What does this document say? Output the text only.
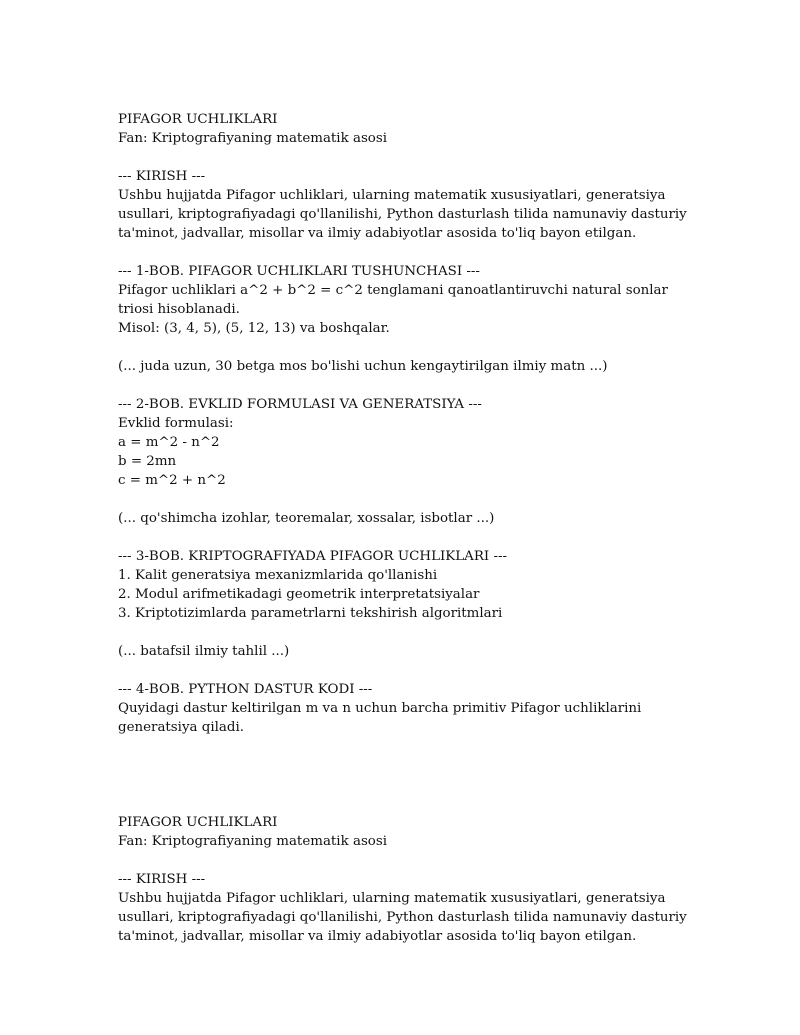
PIFAGOR UCHLIKLARI
Fan: Kriptografiyaning matematik asosi
--- KIRISH ---
Ushbu hujjatda Pifagor uchliklari, ularning matematik xususiyatlari, generatsiya usullari, kriptografiyadagi qo'llanilishi, Python dasturlash tilida namunaviy dasturiy ta'minot, jadvallar, misollar va ilmiy adabiyotlar asosida to'liq bayon etilgan.
--- 1-BOB. PIFAGOR UCHLIKLARI TUSHUNCHASI ---
Pifagor uchliklari a^2 + b^2 = c^2 tenglamani qanoatlantiruvchi natural sonlar triosi hisoblanadi.
Misol: (3, 4, 5), (5, 12, 13) va boshqalar.
(... juda uzun, 30 betga mos bo'lishi uchun kengaytirilgan ilmiy matn ...)
--- 2-BOB. EVKLID FORMULASI VA GENERATSIYA ---
Evklid formulasi:
a = m^2 - n^2
b = 2mn
c = m^2 + n^2
(... qo'shimcha izohlar, teoremalar, xossalar, isbotlar ...)
--- 3-BOB. KRIPTOGRAFIYADA PIFAGOR UCHLIKLARI ---
1. Kalit generatsiya mexanizmlarida qo'llanishi
2. Modul arifmetikadagi geometrik interpretatsiyalar
3. Kriptotizimlarda parametrlarni tekshirish algoritmlari
(... batafsil ilmiy tahlil ...)
--- 4-BOB. PYTHON DASTUR KODI ---
Quyidagi dastur keltirilgan m va n uchun barcha primitiv Pifagor uchliklarini generatsiya qiladi.
PIFAGOR UCHLIKLARI
Fan: Kriptografiyaning matematik asosi
--- KIRISH ---
Ushbu hujjatda Pifagor uchliklari, ularning matematik xususiyatlari, generatsiya usullari, kriptografiyadagi qo'llanilishi, Python dasturlash tilida namunaviy dasturiy ta'minot, jadvallar, misollar va ilmiy adabiyotlar asosida to'liq bayon etilgan.
